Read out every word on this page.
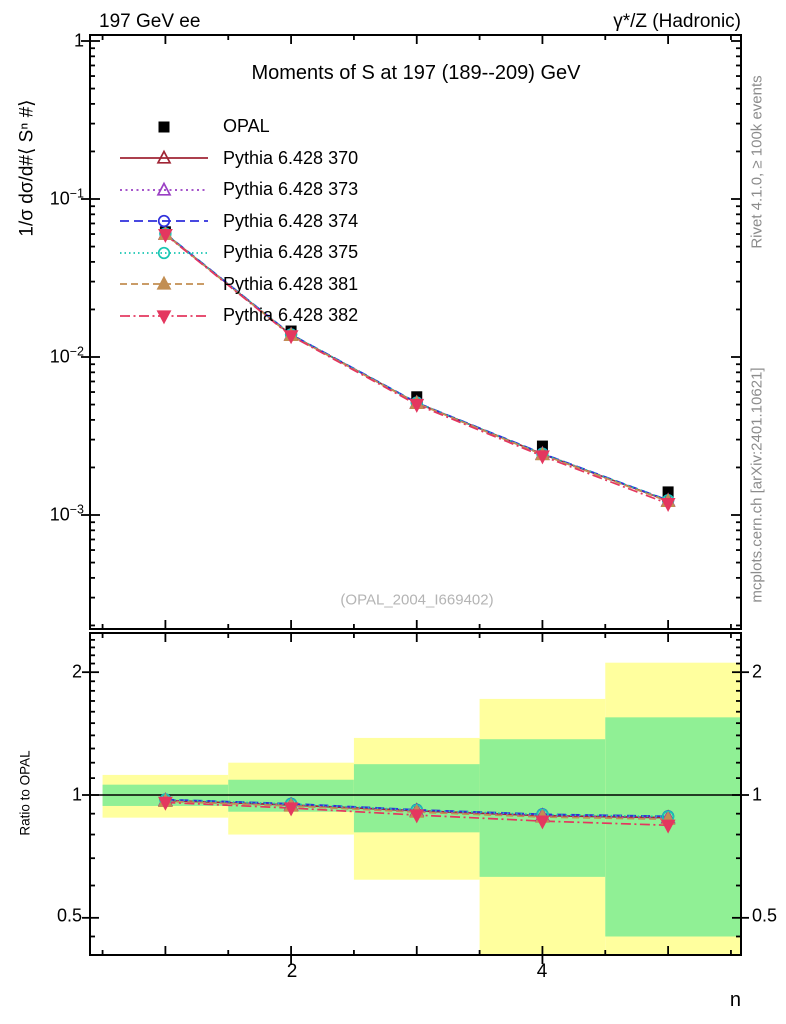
197 GeV ee	γ*/Z (Hadronic)
Moments of S at 197 (189--209) GeV
1/σ dσ/d#⟨ Sⁿ #⟩
Ratio to OPAL
Rivet 4.1.0, ≥ 100k events
mcplots.cern.ch [arXiv:2401.10621]
(OPAL_2004_I669402)
1
$10^{-1}$
$10^{-2}$
$10^{-3}$
2
1
0.5
2
1
0.5
2	4
n
OPAL
Pythia 6.428 370
Pythia 6.428 373
Pythia 6.428 374
Pythia 6.428 375
Pythia 6.428 381
Pythia 6.428 382
